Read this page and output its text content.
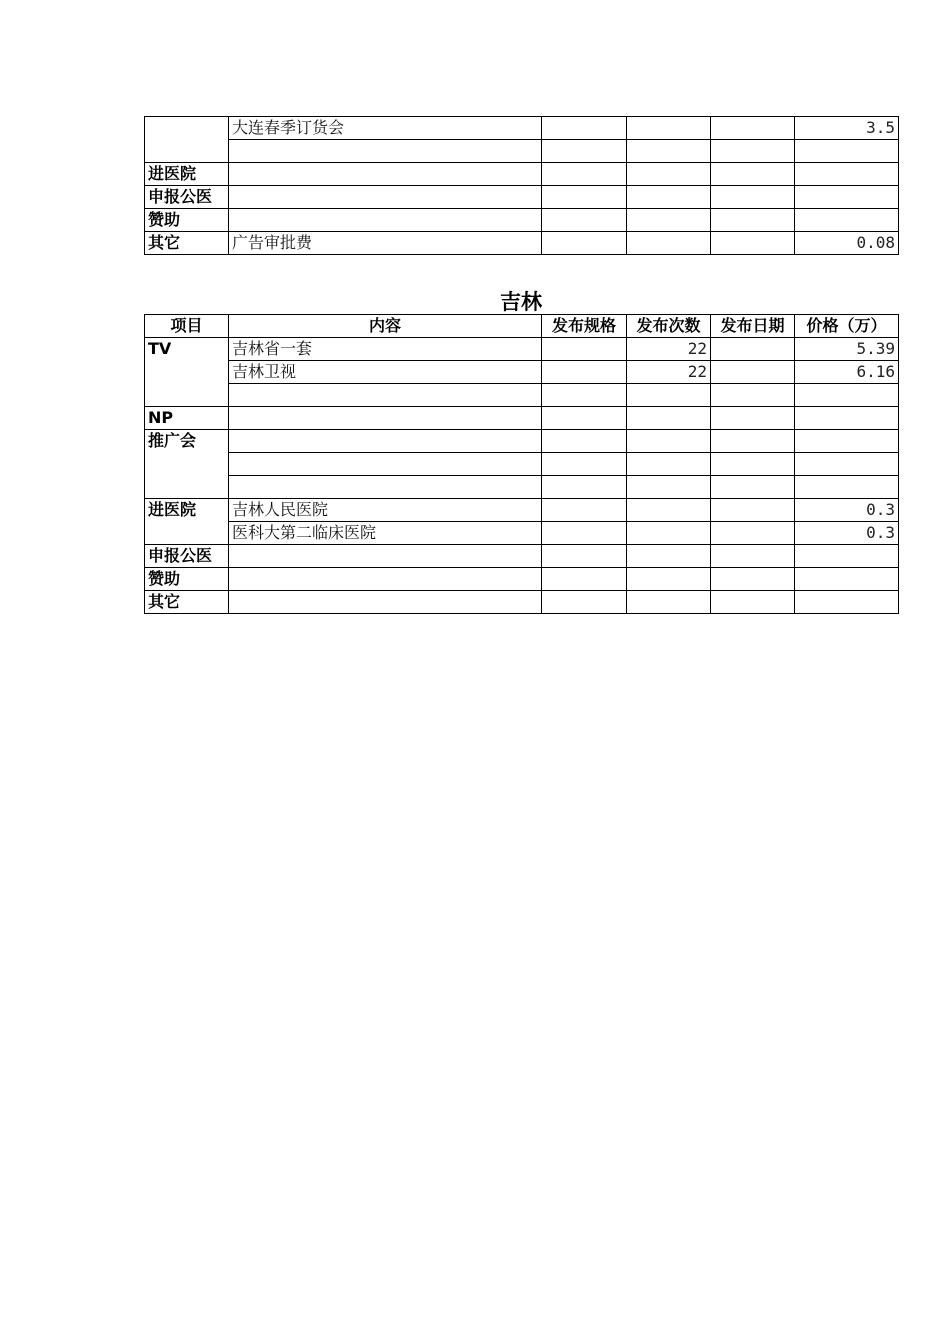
	大连春季订货会				3.5

进医院					
申报公医					
赞助					
其它	广告审批费				0.08
吉林
项目	内容	发布规格	发布次数	发布日期	价格（万）
TV	吉林省一套		22		5.39
	吉林卫视		22		6.16

NP					
推广会					

进医院	吉林人民医院				0.3
	医科大第二临床医院				0.3
申报公医					
赞助					
其它					
